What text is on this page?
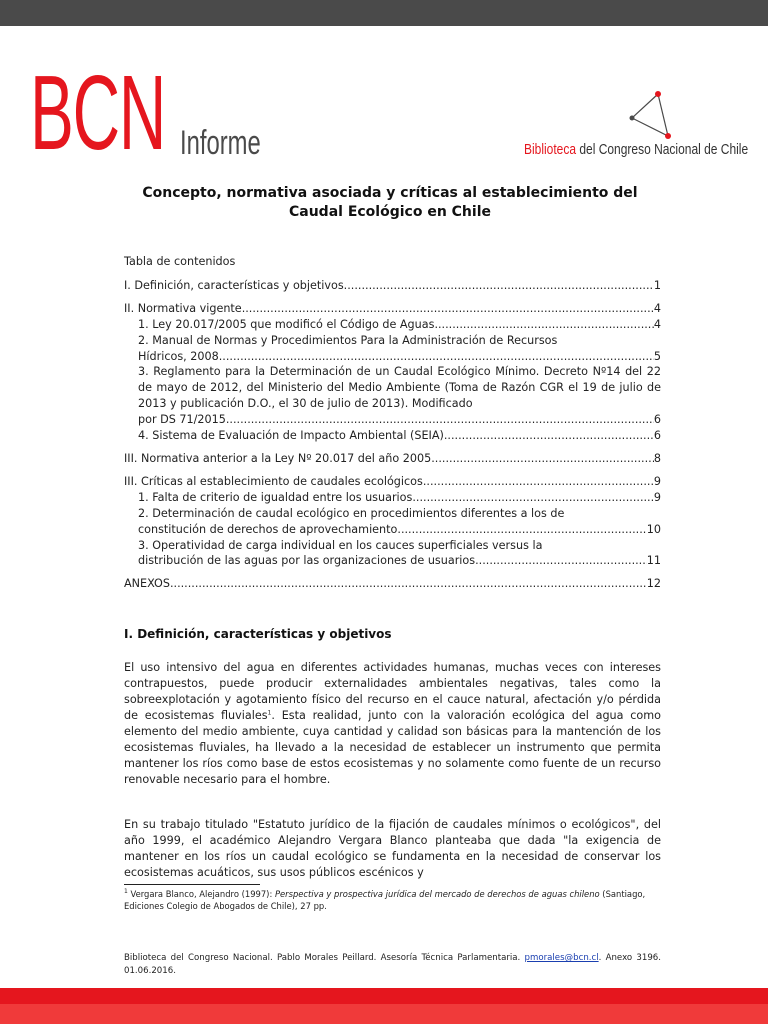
BCN Informe	Biblioteca del Congreso Nacional de Chile
Concepto, normativa asociada y críticas al establecimiento del
Caudal Ecológico en Chile
Tabla de contenidos
I. Definición, características y objetivos .....	1
II. Normativa vigente .....	4
1. Ley 20.017/2005 que modificó el Código de Aguas .....	4
2. Manual de Normas y Procedimientos Para la Administración de Recursos
Hídricos, 2008 .....	5
3. Reglamento para la Determinación de un Caudal Ecológico Mínimo. Decreto Nº14 del 22 de mayo de 2012, del Ministerio del Medio Ambiente (Toma de Razón CGR el 19 de julio de 2013 y publicación D.O., el 30 de julio de 2013). Modificado
por DS 71/2015 .....	6
4. Sistema de Evaluación de Impacto Ambiental (SEIA) .....	6
III. Normativa anterior a la Ley Nº 20.017 del año 2005 .....	8
III. Críticas al establecimiento de caudales ecológicos .....	9
1. Falta de criterio de igualdad entre los usuarios .....	9
2. Determinación de caudal ecológico en procedimientos diferentes a los de
constitución de derechos de aprovechamiento .....	10
3. Operatividad de carga individual en los cauces superficiales versus la
distribución de las aguas por las organizaciones de usuarios .....	11
ANEXOS .....	12
I. Definición, características y objetivos
El uso intensivo del agua en diferentes actividades humanas, muchas veces con intereses contrapuestos, puede producir externalidades ambientales negativas, tales como la sobreexplotación y agotamiento físico del recurso en el cauce natural, afectación y/o pérdida de ecosistemas fluviales$^1$. Esta realidad, junto con la valoración ecológica del agua como elemento del medio ambiente, cuya cantidad y calidad son básicas para la mantención de los ecosistemas fluviales, ha llevado a la necesidad de establecer un instrumento que permita mantener los ríos como base de estos ecosistemas y no solamente como fuente de un recurso renovable necesario para el hombre.
En su trabajo titulado "Estatuto jurídico de la fijación de caudales mínimos o ecológicos", del año 1999, el académico Alejandro Vergara Blanco planteaba que dada "la exigencia de mantener en los ríos un caudal ecológico se fundamenta en la necesidad de conservar los ecosistemas acuáticos, sus usos públicos escénicos y
$^1$ Vergara Blanco, Alejandro (1997): Perspectiva y prospectiva jurídica del mercado de derechos de aguas chileno (Santiago, Ediciones Colegio de Abogados de Chile), 27 pp.
Biblioteca del Congreso Nacional. Pablo Morales Peillard. Asesoría Técnica Parlamentaria. pmorales@bcn.cl. Anexo 3196. 01.06.2016.
